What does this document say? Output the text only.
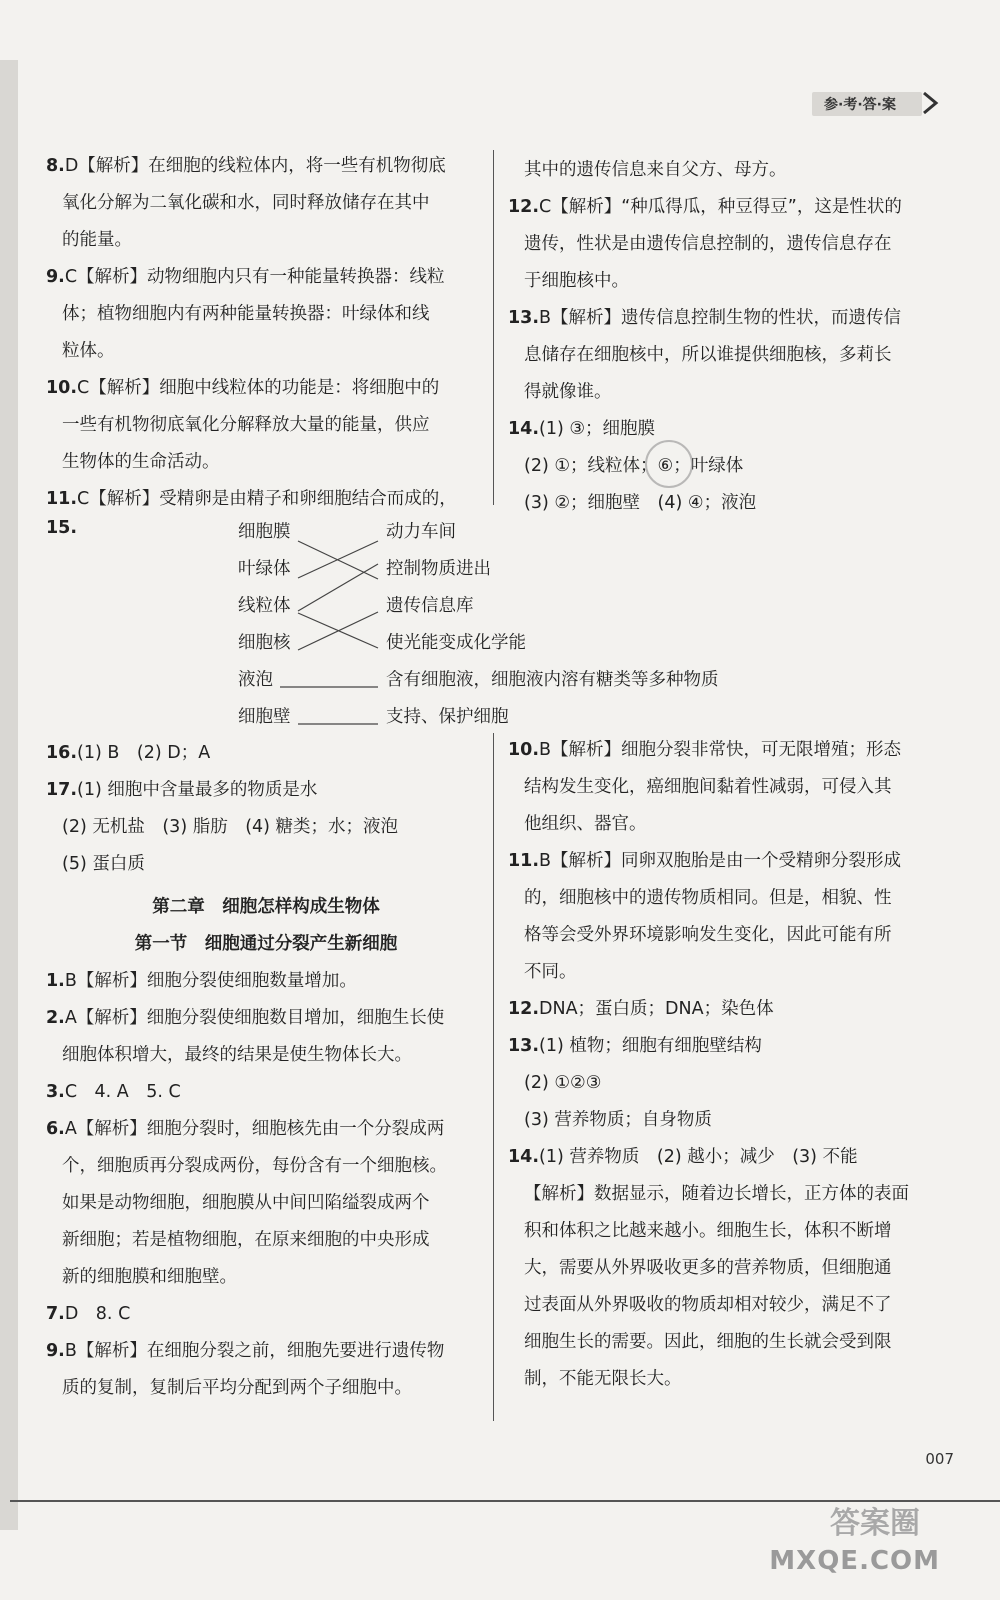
参·考·答·案

8.D【解析】在细胞的线粒体内，将一些有机物彻底

氧化分解为二氧化碳和水，同时释放储存在其中

的能量。

9.C【解析】动物细胞内只有一种能量转换器：线粒

体；植物细胞内有两种能量转换器：叶绿体和线

粒体。

10.C【解析】细胞中线粒体的功能是：将细胞中的

一些有机物彻底氧化分解释放大量的能量，供应

生物体的生命活动。

11.C【解析】受精卵是由精子和卵细胞结合而成的，

其中的遗传信息来自父方、母方。

12.C【解析】“种瓜得瓜，种豆得豆”，这是性状的

遗传，性状是由遗传信息控制的，遗传信息存在

于细胞核中。

13.B【解析】遗传信息控制生物的性状，而遗传信

息储存在细胞核中，所以谁提供细胞核，多莉长

得就像谁。

14.(1) ③；细胞膜

(2) ①；线粒体；⑥；叶绿体

(3) ②；细胞壁　(4) ④；液泡

15.	细胞膜
叶绿体
线粒体
细胞核
液泡
细胞壁
动力车间
控制物质进出
遗传信息库
使光能变成化学能
含有细胞液，细胞液内溶有糖类等多种物质
支持、保护细胞

16.(1) B　(2) D；A

17.(1) 细胞中含量最多的物质是水

(2) 无机盐　(3) 脂肪　(4) 糖类；水；液泡

(5) 蛋白质

第二章　细胞怎样构成生物体

第一节　细胞通过分裂产生新细胞

1.B【解析】细胞分裂使细胞数量增加。

2.A【解析】细胞分裂使细胞数目增加，细胞生长使

细胞体积增大，最终的结果是使生物体长大。

3.C　4. A　5. C

6.A【解析】细胞分裂时，细胞核先由一个分裂成两

个，细胞质再分裂成两份，每份含有一个细胞核。

如果是动物细胞，细胞膜从中间凹陷缢裂成两个

新细胞；若是植物细胞，在原来细胞的中央形成

新的细胞膜和细胞壁。

7.D　8. C

9.B【解析】在细胞分裂之前，细胞先要进行遗传物

质的复制，复制后平均分配到两个子细胞中。

10.B【解析】细胞分裂非常快，可无限增殖；形态

结构发生变化，癌细胞间黏着性减弱，可侵入其

他组织、器官。

11.B【解析】同卵双胞胎是由一个受精卵分裂形成

的，细胞核中的遗传物质相同。但是，相貌、性

格等会受外界环境影响发生变化，因此可能有所

不同。

12.DNA；蛋白质；DNA；染色体

13.(1) 植物；细胞有细胞壁结构

(2) ①②③

(3) 营养物质；自身物质

14.(1) 营养物质　(2) 越小；减少　(3) 不能

【解析】数据显示，随着边长增长，正方体的表面

积和体积之比越来越小。细胞生长，体积不断增

大，需要从外界吸收更多的营养物质，但细胞通

过表面从外界吸收的物质却相对较少，满足不了

细胞生长的需要。因此，细胞的生长就会受到限

制，不能无限长大。

007
答案圈
MXQE.COM
